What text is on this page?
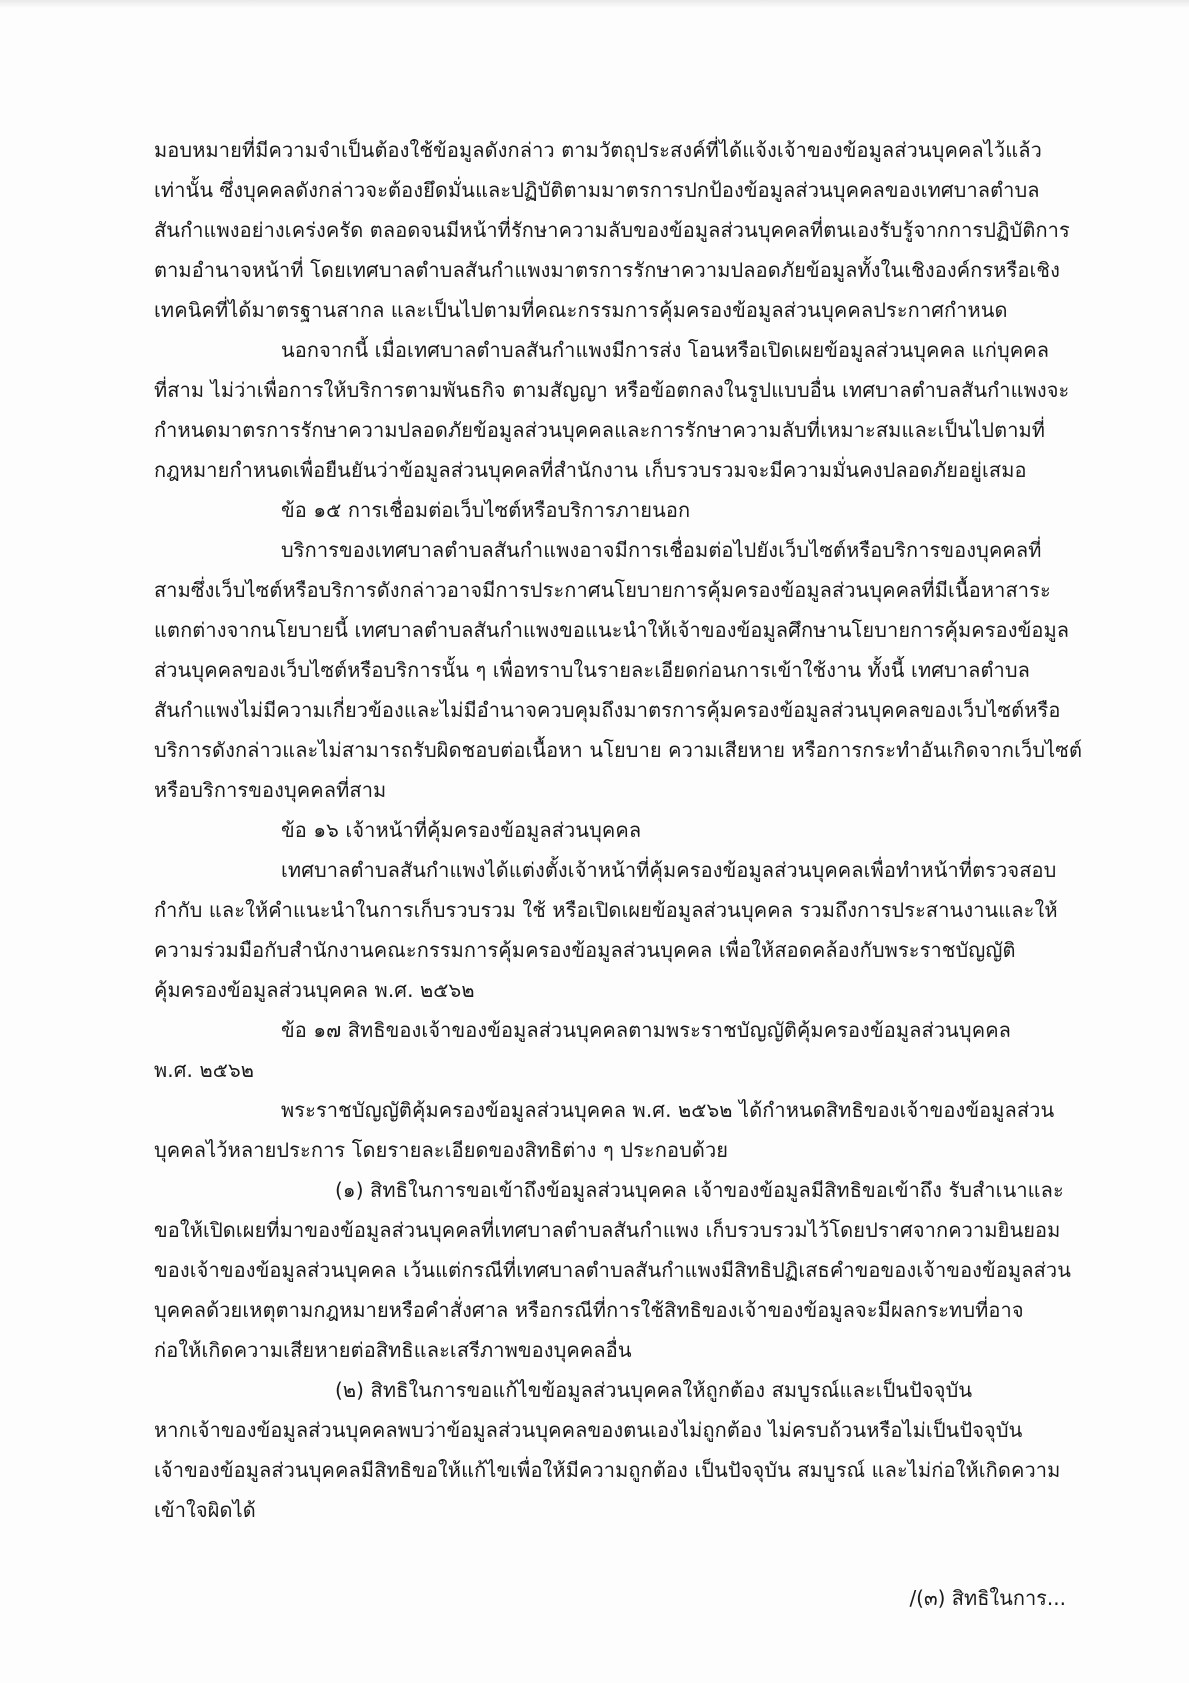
มอบหมายที่มีความจำเป็นต้องใช้ข้อมูลดังกล่าว ตามวัตถุประสงค์ที่ได้แจ้งเจ้าของข้อมูลส่วนบุคคลไว้แล้ว
เท่านั้น ซึ่งบุคคลดังกล่าวจะต้องยึดมั่นและปฏิบัติตามมาตรการปกป้องข้อมูลส่วนบุคคลของเทศบาลตำบล
สันกำแพงอย่างเคร่งครัด ตลอดจนมีหน้าที่รักษาความลับของข้อมูลส่วนบุคคลที่ตนเองรับรู้จากการปฏิบัติการ
ตามอำนาจหน้าที่ โดยเทศบาลตำบลสันกำแพงมาตรการรักษาความปลอดภัยข้อมูลทั้งในเชิงองค์กรหรือเชิง
เทคนิคที่ได้มาตรฐานสากล และเป็นไปตามที่คณะกรรมการคุ้มครองข้อมูลส่วนบุคคลประกาศกำหนด
นอกจากนี้ เมื่อเทศบาลตำบลสันกำแพงมีการส่ง โอนหรือเปิดเผยข้อมูลส่วนบุคคล แก่บุคคล
ที่สาม ไม่ว่าเพื่อการให้บริการตามพันธกิจ ตามสัญญา หรือข้อตกลงในรูปแบบอื่น เทศบาลตำบลสันกำแพงจะ
กำหนดมาตรการรักษาความปลอดภัยข้อมูลส่วนบุคคลและการรักษาความลับที่เหมาะสมและเป็นไปตามที่
กฎหมายกำหนดเพื่อยืนยันว่าข้อมูลส่วนบุคคลที่สำนักงาน เก็บรวบรวมจะมีความมั่นคงปลอดภัยอยู่เสมอ
ข้อ ๑๕ การเชื่อมต่อเว็บไซต์หรือบริการภายนอก
บริการของเทศบาลตำบลสันกำแพงอาจมีการเชื่อมต่อไปยังเว็บไซต์หรือบริการของบุคคลที่
สามซึ่งเว็บไซต์หรือบริการดังกล่าวอาจมีการประกาศนโยบายการคุ้มครองข้อมูลส่วนบุคคลที่มีเนื้อหาสาระ
แตกต่างจากนโยบายนี้ เทศบาลตำบลสันกำแพงขอแนะนำให้เจ้าของข้อมูลศึกษานโยบายการคุ้มครองข้อมูล
ส่วนบุคคลของเว็บไซต์หรือบริการนั้น ๆ เพื่อทราบในรายละเอียดก่อนการเข้าใช้งาน ทั้งนี้ เทศบาลตำบล
สันกำแพงไม่มีความเกี่ยวข้องและไม่มีอำนาจควบคุมถึงมาตรการคุ้มครองข้อมูลส่วนบุคคลของเว็บไซต์หรือ
บริการดังกล่าวและไม่สามารถรับผิดชอบต่อเนื้อหา นโยบาย ความเสียหาย หรือการกระทำอันเกิดจากเว็บไซต์
หรือบริการของบุคคลที่สาม
ข้อ ๑๖ เจ้าหน้าที่คุ้มครองข้อมูลส่วนบุคคล
เทศบาลตำบลสันกำแพงได้แต่งตั้งเจ้าหน้าที่คุ้มครองข้อมูลส่วนบุคคลเพื่อทำหน้าที่ตรวจสอบ
กำกับ และให้คำแนะนำในการเก็บรวบรวม ใช้ หรือเปิดเผยข้อมูลส่วนบุคคล รวมถึงการประสานงานและให้
ความร่วมมือกับสำนักงานคณะกรรมการคุ้มครองข้อมูลส่วนบุคคล เพื่อให้สอดคล้องกับพระราชบัญญัติ
คุ้มครองข้อมูลส่วนบุคคล พ.ศ. ๒๕๖๒
ข้อ ๑๗ สิทธิของเจ้าของข้อมูลส่วนบุคคลตามพระราชบัญญัติคุ้มครองข้อมูลส่วนบุคคล
พ.ศ. ๒๕๖๒
พระราชบัญญัติคุ้มครองข้อมูลส่วนบุคคล พ.ศ. ๒๕๖๒ ได้กำหนดสิทธิของเจ้าของข้อมูลส่วน
บุคคลไว้หลายประการ โดยรายละเอียดของสิทธิต่าง ๆ ประกอบด้วย
(๑) สิทธิในการขอเข้าถึงข้อมูลส่วนบุคคล เจ้าของข้อมูลมีสิทธิขอเข้าถึง รับสำเนาและ
ขอให้เปิดเผยที่มาของข้อมูลส่วนบุคคลที่เทศบาลตำบลสันกำแพง เก็บรวบรวมไว้โดยปราศจากความยินยอม
ของเจ้าของข้อมูลส่วนบุคคล เว้นแต่กรณีที่เทศบาลตำบลสันกำแพงมีสิทธิปฏิเสธคำขอของเจ้าของข้อมูลส่วน
บุคคลด้วยเหตุตามกฎหมายหรือคำสั่งศาล หรือกรณีที่การใช้สิทธิของเจ้าของข้อมูลจะมีผลกระทบที่อาจ
ก่อให้เกิดความเสียหายต่อสิทธิและเสรีภาพของบุคคลอื่น
(๒) สิทธิในการขอแก้ไขข้อมูลส่วนบุคคลให้ถูกต้อง สมบูรณ์และเป็นปัจจุบัน
หากเจ้าของข้อมูลส่วนบุคคลพบว่าข้อมูลส่วนบุคคลของตนเองไม่ถูกต้อง ไม่ครบถ้วนหรือไม่เป็นปัจจุบัน
เจ้าของข้อมูลส่วนบุคคลมีสิทธิขอให้แก้ไขเพื่อให้มีความถูกต้อง เป็นปัจจุบัน สมบูรณ์ และไม่ก่อให้เกิดความ
เข้าใจผิดได้
/(๓) สิทธิในการ...
